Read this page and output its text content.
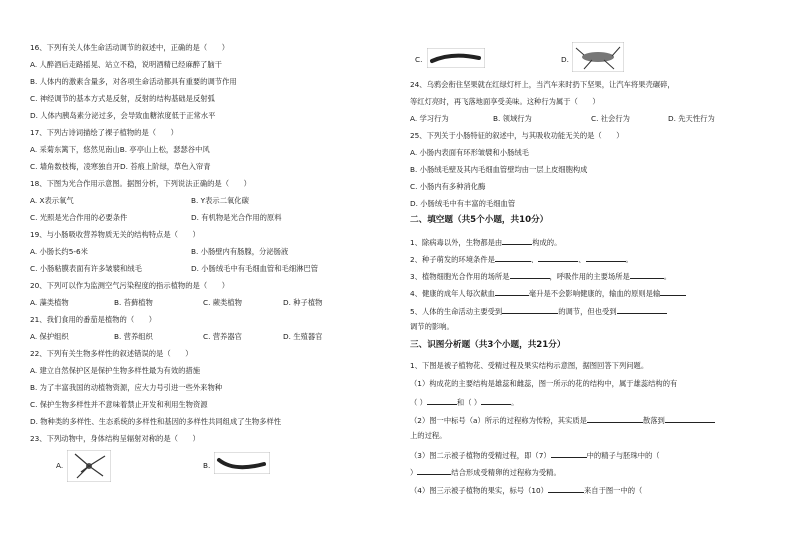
16、下列有关人体生命活动调节的叙述中，正确的是（　　）
A. 人醉酒后走路摇晃、站立不稳，说明酒精已经麻醉了脑干
B. 人体内的激素含量多，对各项生命活动都具有重要的调节作用
C. 神经调节的基本方式是反射，反射的结构基础是反射弧
D. 人体内胰岛素分泌过多，会导致血糖浓度低于正常水平
17、下列古诗词描绘了裸子植物的是（　　）
A. 采菊东篱下，悠然见南山B. 亭亭山上松，瑟瑟谷中风
C. 墙角数枝梅，凌寒独自开D. 苔痕上阶绿，草色入帘青
18、下图为光合作用示意图。据图分析，下列说法正确的是（　　）
A. X表示氧气	B. Y表示二氧化碳
C. 光照是光合作用的必要条件	D. 有机物是光合作用的原料
19、与小肠吸收营养物质无关的结构特点是（　　）
A. 小肠长约5-6米	B. 小肠壁内有肠腺，分泌肠液
C. 小肠粘膜表面有许多皱襞和绒毛	D. 小肠绒毛中有毛细血管和毛细淋巴管
20、下列可以作为监测空气污染程度的指示植物的是（　　）
A. 藻类植物	B. 苔藓植物	C. 蕨类植物	D. 种子植物
21、我们食用的番茄是植物的（　　）
A. 保护组织	B. 营养组织	C. 营养器官	D. 生殖器官
22、下列有关生物多样性的叙述错误的是（　　）
A. 建立自然保护区是保护生物多样性最为有效的措施
B. 为了丰富我国的动植物资源，应大力号引进一些外来物种
C. 保护生物多样性并不意味着禁止开发和利用生物资源
D. 物种类的多样性、生态系统的多样性和基因的多样性共同组成了生物多样性
23、下列动物中，身体结构呈辐射对称的是（　　）
A.	B.
C.	D.
24、乌鸦会衔住坚果就在红绿灯杆上，当汽车来时扔下坚果，让汽车将果壳碾碎，
等红灯亮时，再飞落地面享受美味。这种行为属于（　　）
A. 学习行为	B. 领域行为	C. 社会行为	D. 先天性行为
25、下列关于小肠特征的叙述中，与其吸收功能无关的是（　　）
A. 小肠内表面有环形皱襞和小肠绒毛
B. 小肠绒毛壁及其内毛细血管壁均由一层上皮细胞构成
C. 小肠内有多种消化酶
D. 小肠绒毛中有丰富的毛细血管
二、填空题（共5个小题，共10分）
1、除病毒以外，生物都是由	构成的。
2、种子萌发的环境条件是	、	、	。
3、植物细胞光合作用的场所是	，呼吸作用的主要场所是	。
4、健康的成年人每次献血	毫升是不会影响健康的，输血的原则是输
5、人体的生命活动主要受到	的调节，但也受到
调节的影响。
三、识图分析题（共3个小题，共21分）
1、下图是被子植物花、受精过程及果实结构示意图，据图回答下列问题。
（1）构成花的主要结构是雄蕊和雌蕊，图一所示的花的结构中，属于雄蕊结构的有
（ ）	和（ ）	。
（2）图一中标号（a）所示的过程称为传粉，其实质是	散落到
上的过程。
（3）图二示被子植物的受精过程，即（7）	中的精子与胚珠中的（
）	结合形成受精卵的过程称为受精。
（4）图三示被子植物的果实，标号（10）	来自于图一中的（
